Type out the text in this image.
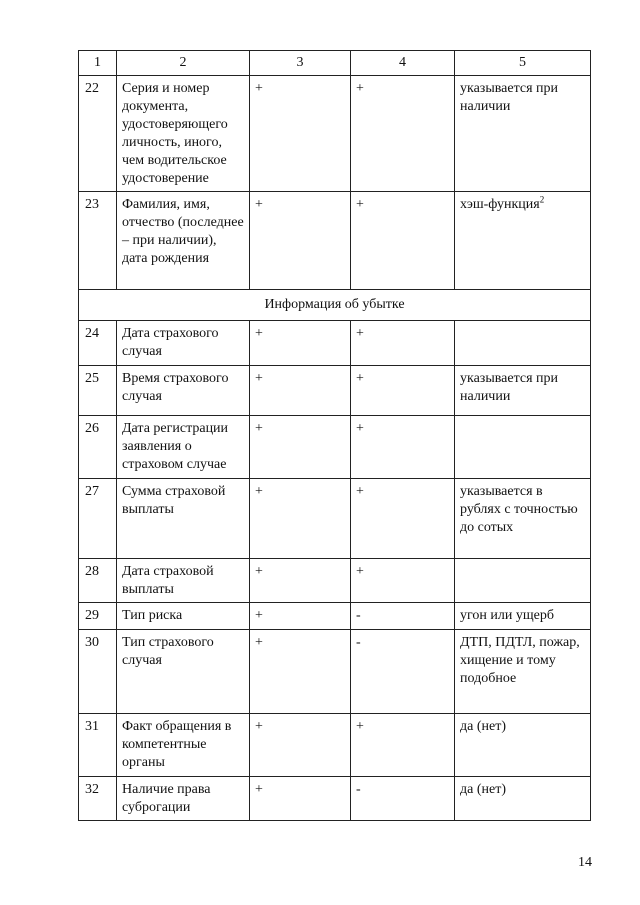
1	2	3	4	5
22	Серия и номер документа, удостоверяющего личность, иного, чем водительское удостоверение	+	+	указывается при наличии
23	Фамилия, имя, отчество (последнее – при наличии), дата рождения	+	+	хэш-функция$^2$
Информация об убытке				
24	Дата страхового случая	+	+	
25	Время страхового случая	+	+	указывается при наличии
26	Дата регистрации заявления о страховом случае	+	+	
27	Сумма страховой выплаты	+	+	указывается в рублях с точностью до сотых
28	Дата страховой выплаты	+	+	
29	Тип риска	+	-	угон или ущерб
30	Тип страхового случая	+	-	ДТП, ПДТЛ, пожар, хищение и тому подобное
31	Факт обращения в компетентные органы	+	+	да (нет)
32	Наличие права суброгации	+	-	да (нет)
14
